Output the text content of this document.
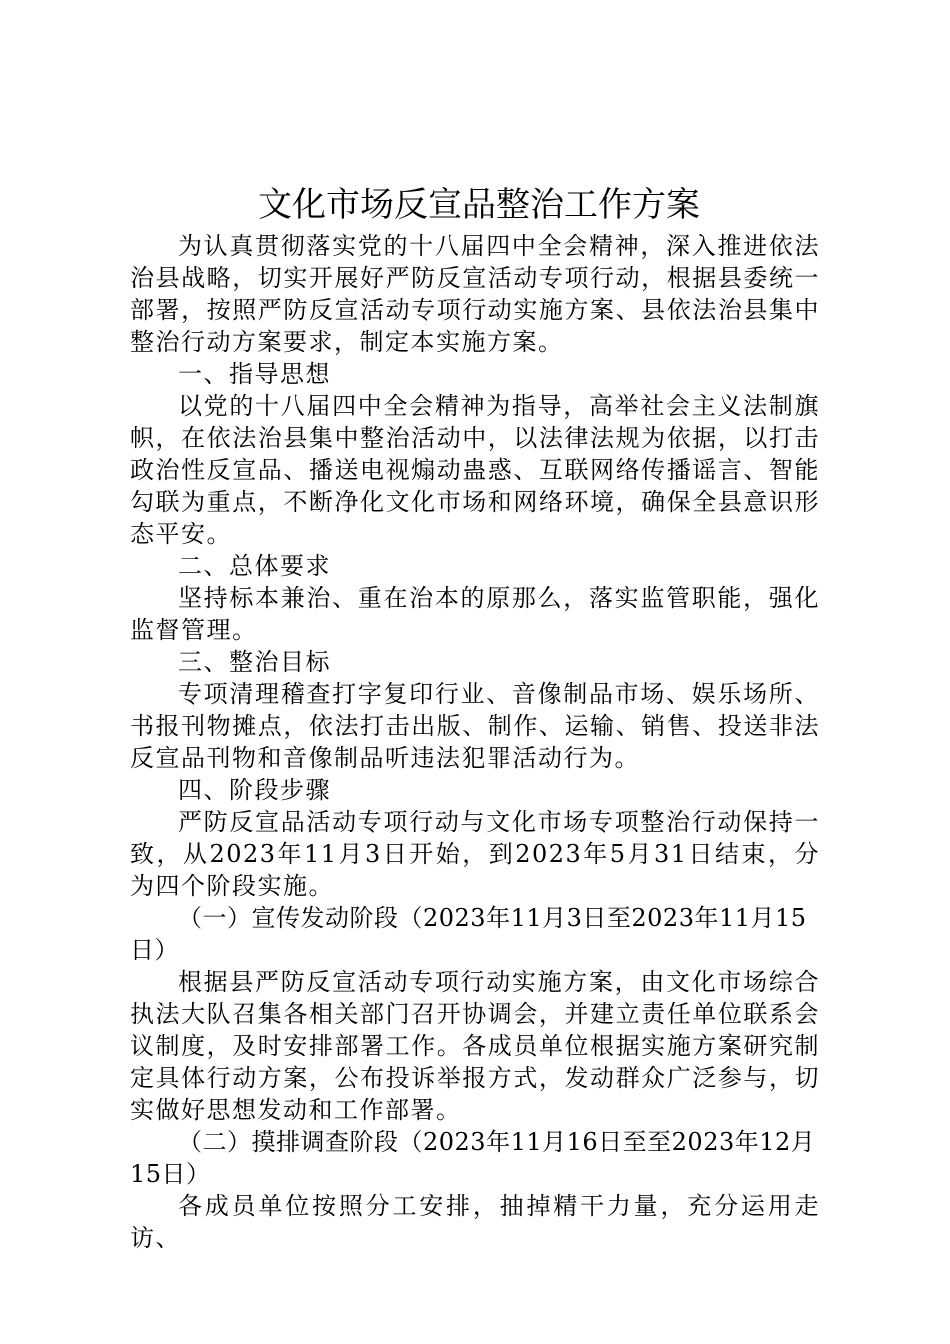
文化市场反宣品整治工作方案

为认真贯彻落实党的十八届四中全会精神，深入推进依法治县战略，切实开展好严防反宣活动专项行动，根据县委统一部署，按照严防反宣活动专项行动实施方案、县依法治县集中整治行动方案要求，制定本实施方案。

一、指导思想

以党的十八届四中全会精神为指导，高举社会主义法制旗帜，在依法治县集中整治活动中，以法律法规为依据，以打击政治性反宣品、播送电视煽动蛊惑、互联网络传播谣言、智能勾联为重点，不断净化文化市场和网络环境，确保全县意识形态平安。

二、总体要求

坚持标本兼治、重在治本的原那么，落实监管职能，强化监督管理。

三、整治目标

专项清理稽查打字复印行业、音像制品市场、娱乐场所、书报刊物摊点，依法打击出版、制作、运输、销售、投送非法反宣品刊物和音像制品听违法犯罪活动行为。

四、阶段步骤

严防反宣品活动专项行动与文化市场专项整治行动保持一致，从2023年11月3日开始，到2023年5月31日结束，分为四个阶段实施。

（一）宣传发动阶段（2023年11月3日至2023年11月15日）

根据县严防反宣活动专项行动实施方案，由文化市场综合执法大队召集各相关部门召开协调会，并建立责任单位联系会议制度，及时安排部署工作。各成员单位根据实施方案研究制定具体行动方案，公布投诉举报方式，发动群众广泛参与，切实做好思想发动和工作部署。

（二）摸排调查阶段（2023年11月16日至至2023年12月15日）

各成员单位按照分工安排，抽掉精干力量，充分运用走访、
